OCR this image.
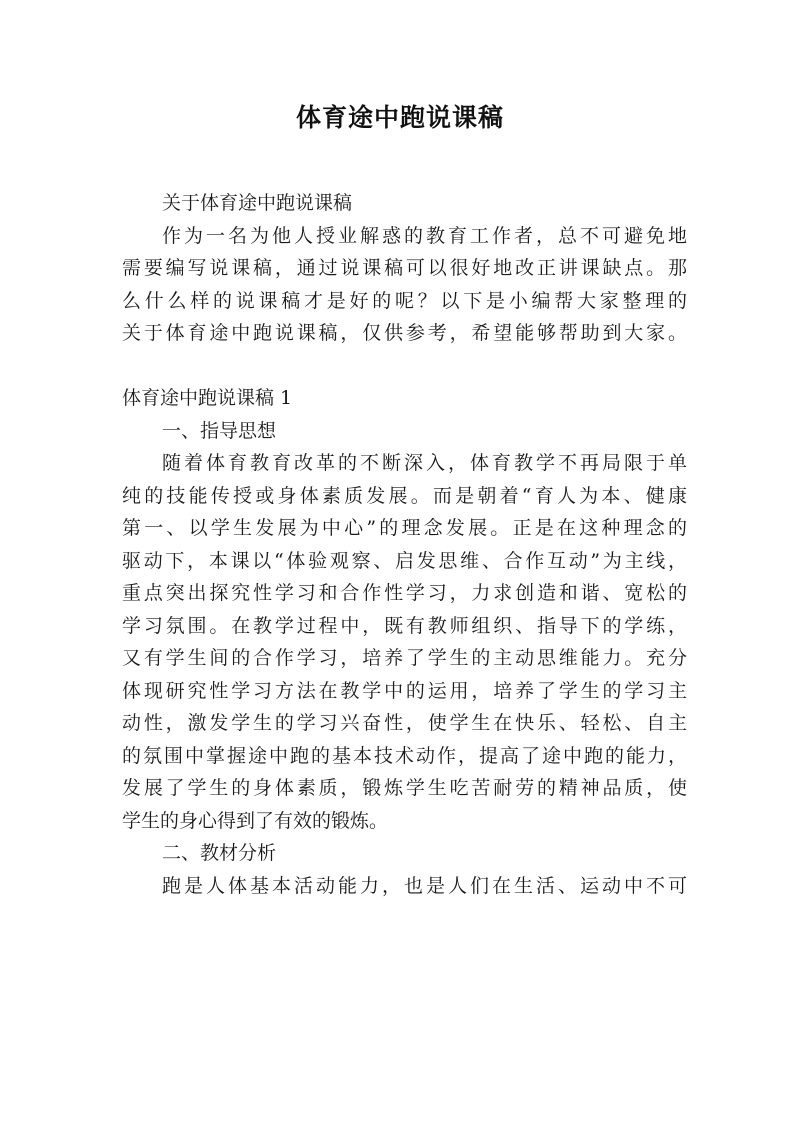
体育途中跑说课稿
关于体育途中跑说课稿
作为一名为他人授业解惑的教育工作者，总不可避免地
需要编写说课稿，通过说课稿可以很好地改正讲课缺点。那
么什么样的说课稿才是好的呢？以下是小编帮大家整理的
关于体育途中跑说课稿，仅供参考，希望能够帮助到大家。
体育途中跑说课稿 1
一、指导思想
随着体育教育改革的不断深入，体育教学不再局限于单
纯的技能传授或身体素质发展。而是朝着“育人为本、健康
第一、以学生发展为中心”的理念发展。正是在这种理念的
驱动下，本课以“体验观察、启发思维、合作互动”为主线，
重点突出探究性学习和合作性学习，力求创造和谐、宽松的
学习氛围。在教学过程中，既有教师组织、指导下的学练，
又有学生间的合作学习，培养了学生的主动思维能力。充分
体现研究性学习方法在教学中的运用，培养了学生的学习主
动性，激发学生的学习兴奋性，使学生在快乐、轻松、自主
的氛围中掌握途中跑的基本技术动作，提高了途中跑的能力，
发展了学生的身体素质，锻炼学生吃苦耐劳的精神品质，使
学生的身心得到了有效的锻炼。
二、教材分析
跑是人体基本活动能力，也是人们在生活、运动中不可
